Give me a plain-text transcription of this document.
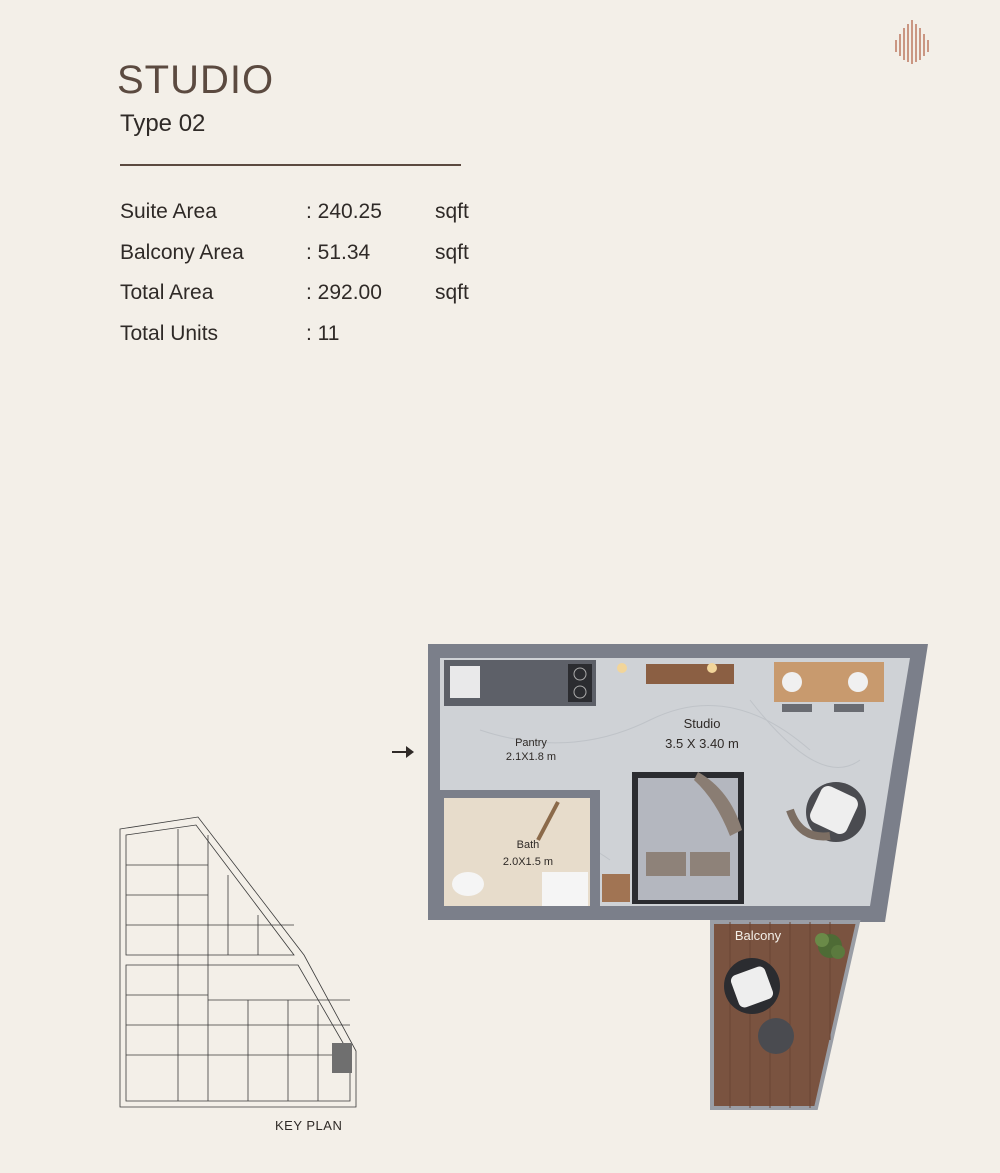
STUDIO
Type 02
Suite Area	: 240.25	sqft
Balcony Area	: 51.34	sqft
Total Area	: 292.00	sqft
Total Units	: 11
Pantry
2.1X1.8 m
Studio
3.5 X 3.40 m
Bath
2.0X1.5 m
Balcony
KEY PLAN
